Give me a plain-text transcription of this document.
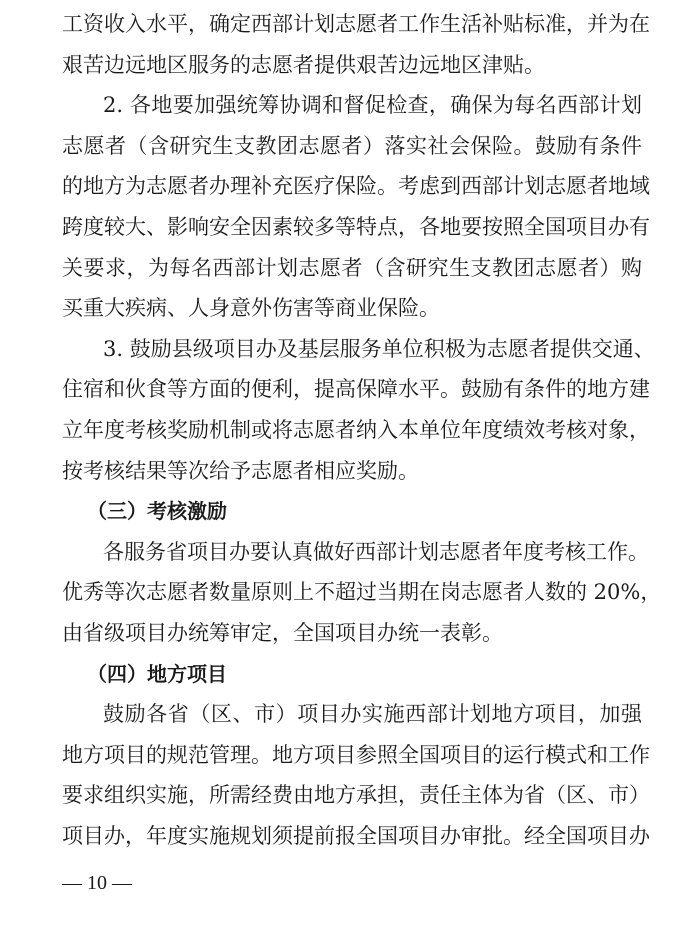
工资收入水平，确定西部计划志愿者工作生活补贴标准，并为在
艰苦边远地区服务的志愿者提供艰苦边远地区津贴。
2. 各地要加强统筹协调和督促检查，确保为每名西部计划
志愿者（含研究生支教团志愿者）落实社会保险。鼓励有条件
的地方为志愿者办理补充医疗保险。考虑到西部计划志愿者地域
跨度较大、影响安全因素较多等特点，各地要按照全国项目办有
关要求，为每名西部计划志愿者（含研究生支教团志愿者）购
买重大疾病、人身意外伤害等商业保险。
3. 鼓励县级项目办及基层服务单位积极为志愿者提供交通、
住宿和伙食等方面的便利，提高保障水平。鼓励有条件的地方建
立年度考核奖励机制或将志愿者纳入本单位年度绩效考核对象，
按考核结果等次给予志愿者相应奖励。
（三）考核激励
各服务省项目办要认真做好西部计划志愿者年度考核工作。
优秀等次志愿者数量原则上不超过当期在岗志愿者人数的 20%，
由省级项目办统筹审定，全国项目办统一表彰。
（四）地方项目
鼓励各省（区、市）项目办实施西部计划地方项目，加强
地方项目的规范管理。地方项目参照全国项目的运行模式和工作
要求组织实施，所需经费由地方承担，责任主体为省（区、市）
项目办，年度实施规划须提前报全国项目办审批。经全国项目办
— 10 —
